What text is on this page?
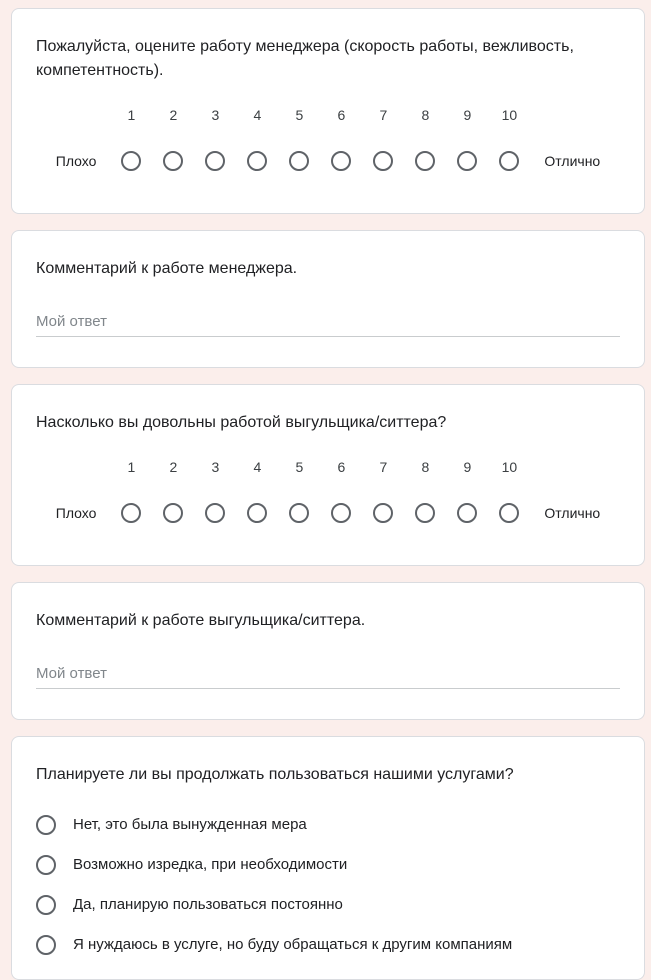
Пожалуйста, оцените работу менеджера (скорость работы, вежливость, компетентность).
Плохо
1 2 3 4 5 6 7 8 9 10
Отлично
Комментарий к работе менеджера.
Мой ответ
Насколько вы довольны работой выгульщика/ситтера?
Плохо
1 2 3 4 5 6 7 8 9 10
Отлично
Комментарий к работе выгульщика/ситтера.
Мой ответ
Планируете ли вы продолжать пользоваться нашими услугами?
Нет, это была вынужденная мера
Возможно изредка, при необходимости
Да, планирую пользоваться постоянно
Я нуждаюсь в услуге, но буду обращаться к другим компаниям
